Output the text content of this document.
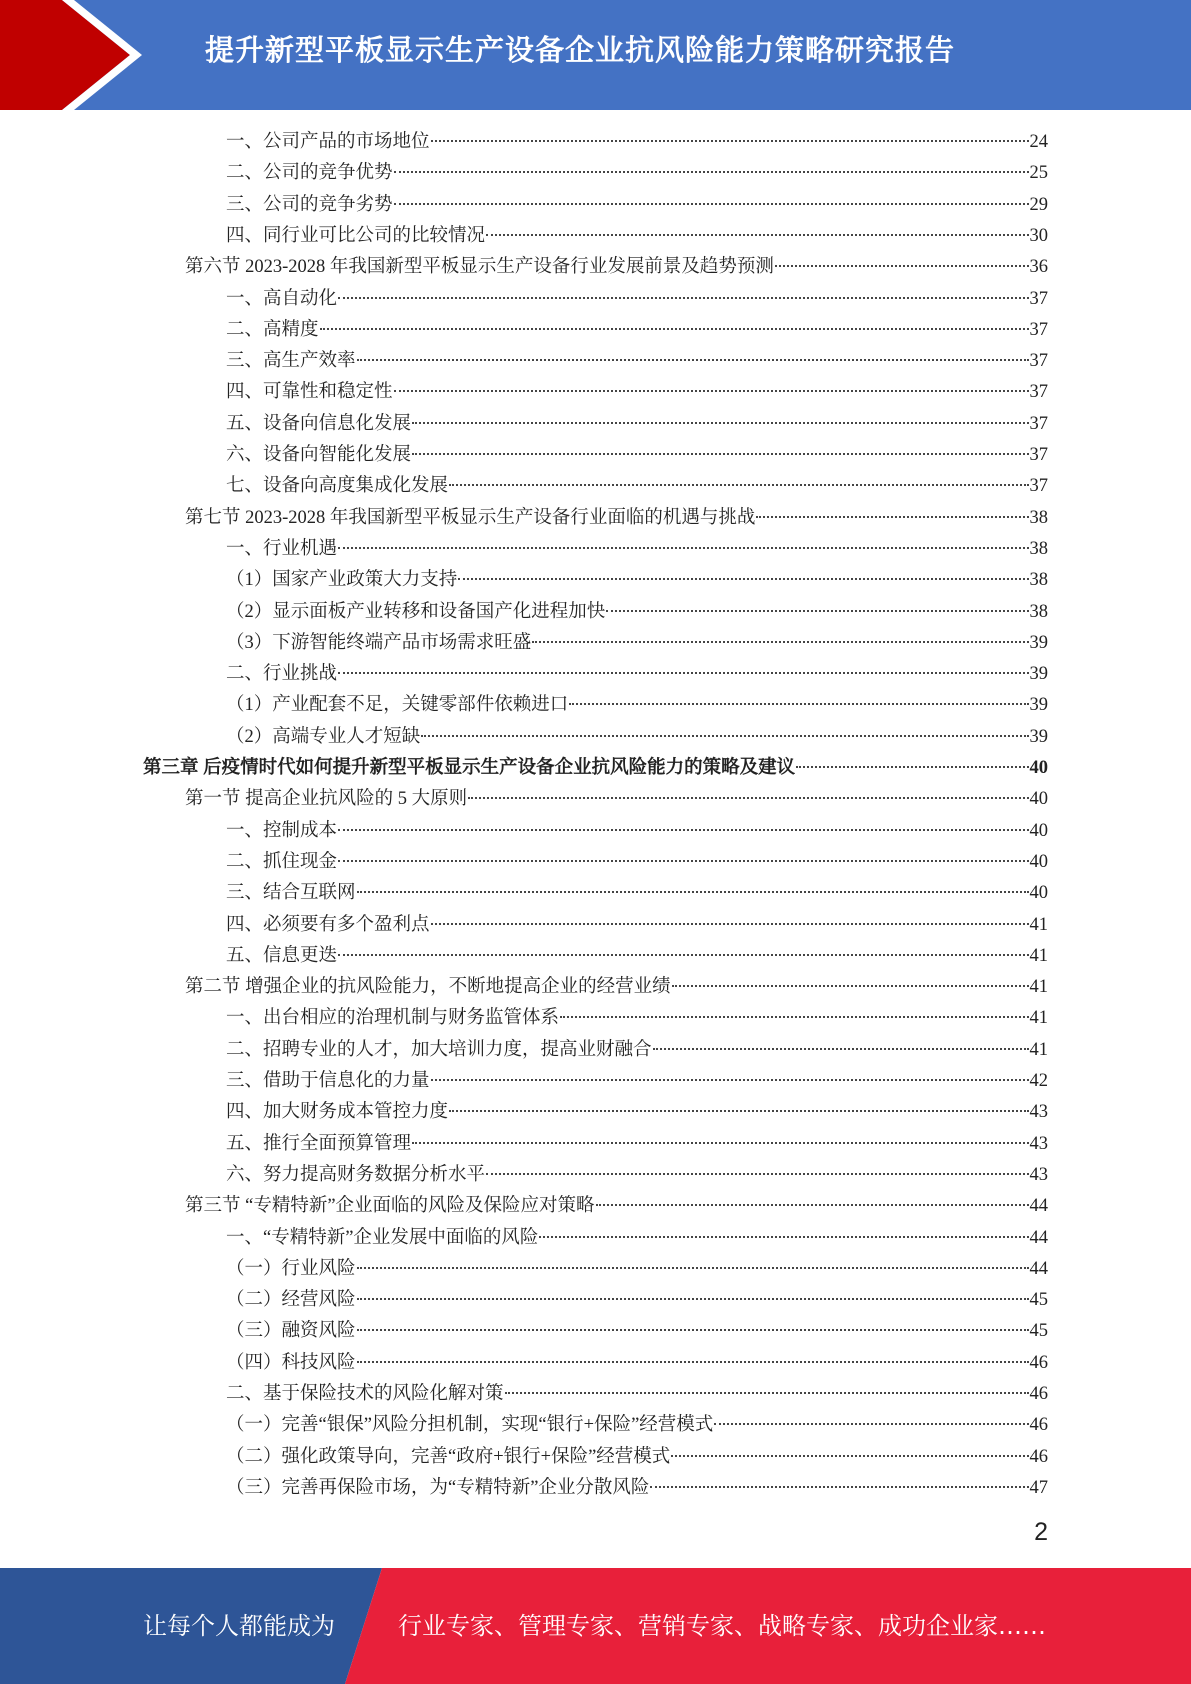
提升新型平板显示生产设备企业抗风险能力策略研究报告
一、公司产品的市场地位	24
二、公司的竞争优势	25
三、公司的竞争劣势	29
四、同行业可比公司的比较情况	30
第六节 2023-2028 年我国新型平板显示生产设备行业发展前景及趋势预测	36
一、高自动化	37
二、高精度	37
三、高生产效率	37
四、可靠性和稳定性	37
五、设备向信息化发展	37
六、设备向智能化发展	37
七、设备向高度集成化发展	37
第七节 2023-2028 年我国新型平板显示生产设备行业面临的机遇与挑战	38
一、行业机遇	38
（1）国家产业政策大力支持	38
（2）显示面板产业转移和设备国产化进程加快	38
（3）下游智能终端产品市场需求旺盛	39
二、行业挑战	39
（1）产业配套不足，关键零部件依赖进口	39
（2）高端专业人才短缺	39
第三章 后疫情时代如何提升新型平板显示生产设备企业抗风险能力的策略及建议	40
第一节 提高企业抗风险的 5 大原则	40
一、控制成本	40
二、抓住现金	40
三、结合互联网	40
四、必须要有多个盈利点	41
五、信息更迭	41
第二节 增强企业的抗风险能力，不断地提高企业的经营业绩	41
一、出台相应的治理机制与财务监管体系	41
二、招聘专业的人才，加大培训力度，提高业财融合	41
三、借助于信息化的力量	42
四、加大财务成本管控力度	43
五、推行全面预算管理	43
六、努力提高财务数据分析水平	43
第三节 “专精特新”企业面临的风险及保险应对策略	44
一、“专精特新”企业发展中面临的风险	44
（一）行业风险	44
（二）经营风险	45
（三）融资风险	45
（四）科技风险	46
二、基于保险技术的风险化解对策	46
（一）完善“银保”风险分担机制，实现“银行+保险”经营模式	46
（二）强化政策导向，完善“政府+银行+保险”经营模式	46
（三）完善再保险市场，为“专精特新”企业分散风险	47
2
让每个人都能成为	行业专家、管理专家、营销专家、战略专家、成功企业家……
